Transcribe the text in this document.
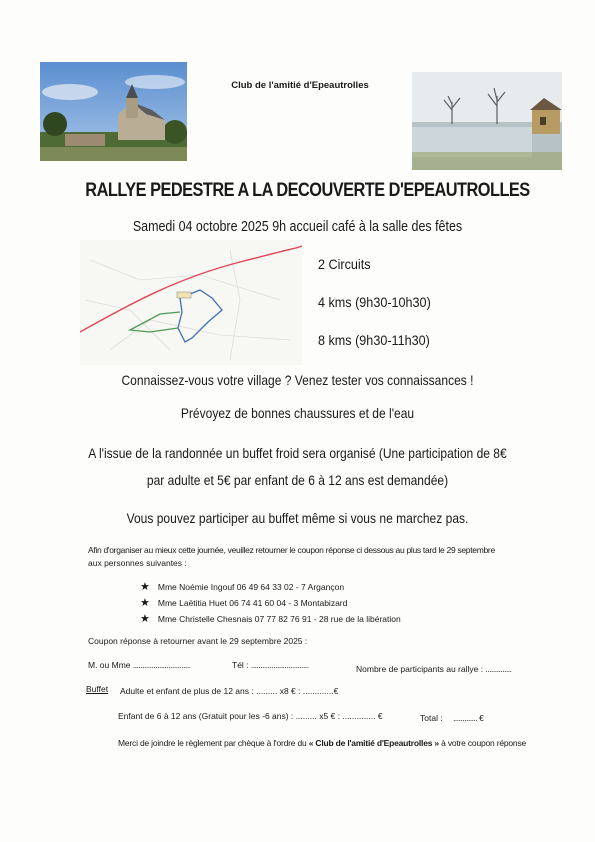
Club de l'amitié d'Epeautrolles
RALLYE PEDESTRE A LA DECOUVERTE D'EPEAUTROLLES
Samedi 04 octobre 2025 9h accueil café à la salle des fêtes
2 Circuits
4 kms (9h30-10h30)
8 kms (9h30-11h30)
Connaissez-vous votre village ? Venez tester vos connaissances !
Prévoyez de bonnes chaussures et de l'eau
A l'issue de la randonnée un buffet froid sera organisé (Une participation de 8€
par adulte et 5€ par enfant de 6 à 12 ans est demandée)
Vous pouvez participer au buffet même si vous ne marchez pas.
Afin d'organiser au mieux cette journée, veuillez retourner le coupon réponse ci dessous au plus tard le 29 septembre
aux personnes suivantes :
★ Mme Noémie Ingouf 06 49 64 33 02 - 7 Argançon
★ Mme Laëtitia Huet 06 74 41 60 04 - 3 Montabizard
★ Mme Christelle Chesnais 07 77 82 76 91 - 28 rue de la libération
Coupon réponse à retourner avant le 29 septembre 2025 :
M. ou Mme ...............................	Tél : ...............................	Nombre de participants au rallye : ..............
Buffet Adulte et enfant de plus de 12 ans : ......... x8 € : .............€
Enfant de 6 à 12 ans (Gratuit pour les -6 ans) : ......... x5 € : .............. €	Total : ............. €
Merci de joindre le règlement par chèque à l'ordre du « Club de l'amitié d'Epeautrolles » à votre coupon réponse
